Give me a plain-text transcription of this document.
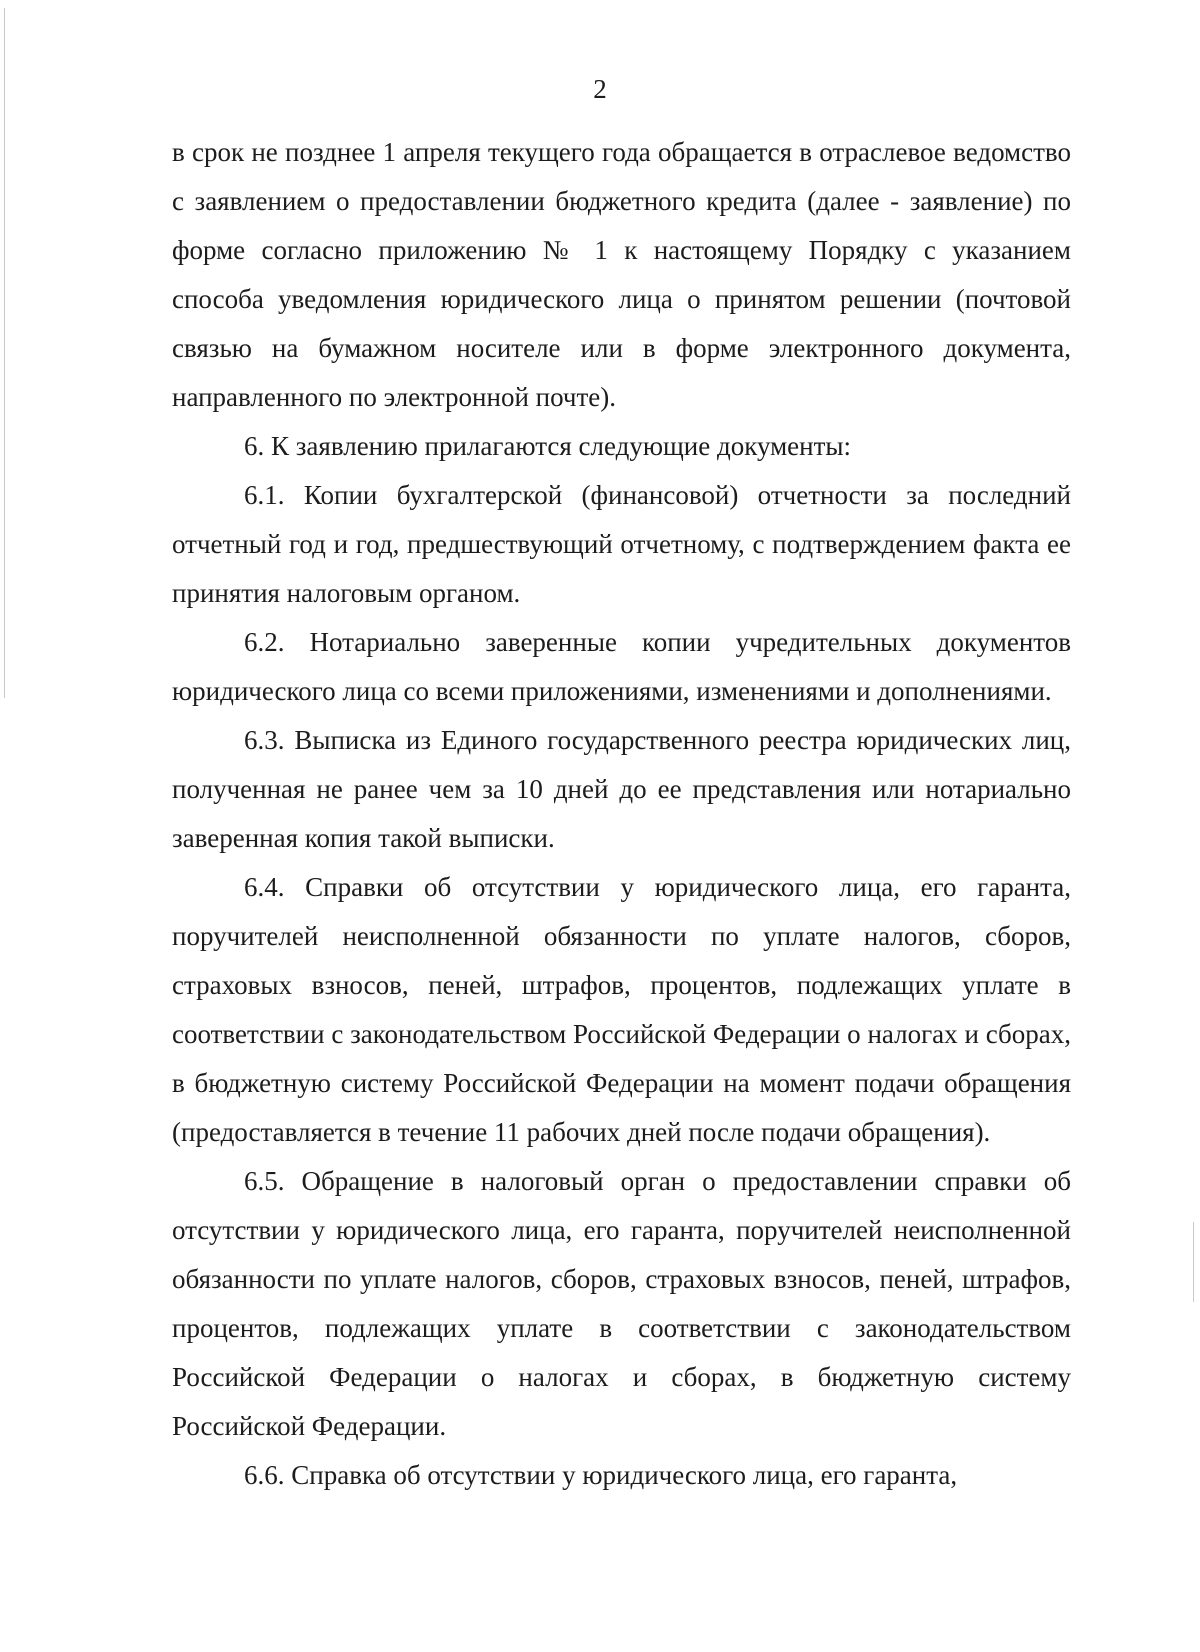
2

в срок не позднее 1 апреля текущего года обращается в отраслевое ведомство с заявлением о предоставлении бюджетного кредита (далее - заявление) по форме согласно приложению № 1 к настоящему Порядку с указанием способа уведомления юридического лица о принятом решении (почтовой связью на бумажном носителе или в форме электронного документа, направленного по электронной почте).

6. К заявлению прилагаются следующие документы:

6.1. Копии бухгалтерской (финансовой) отчетности за последний отчетный год и год, предшествующий отчетному, с подтверждением факта ее принятия налоговым органом.

6.2. Нотариально заверенные копии учредительных документов юридического лица со всеми приложениями, изменениями и дополнениями.

6.3. Выписка из Единого государственного реестра юридических лиц, полученная не ранее чем за 10 дней до ее представления или нотариально заверенная копия такой выписки.

6.4. Справки об отсутствии у юридического лица, его гаранта, поручителей неисполненной обязанности по уплате налогов, сборов, страховых взносов, пеней, штрафов, процентов, подлежащих уплате в соответствии с законодательством Российской Федерации о налогах и сборах, в бюджетную систему Российской Федерации на момент подачи обращения (предоставляется в течение 11 рабочих дней после подачи обращения).

6.5. Обращение в налоговый орган о предоставлении справки об отсутствии у юридического лица, его гаранта, поручителей неисполненной обязанности по уплате налогов, сборов, страховых взносов, пеней, штрафов, процентов, подлежащих уплате в соответствии с законодательством Российской Федерации о налогах и сборах, в бюджетную систему Российской Федерации.

6.6. Справка об отсутствии у юридического лица, его гаранта,
